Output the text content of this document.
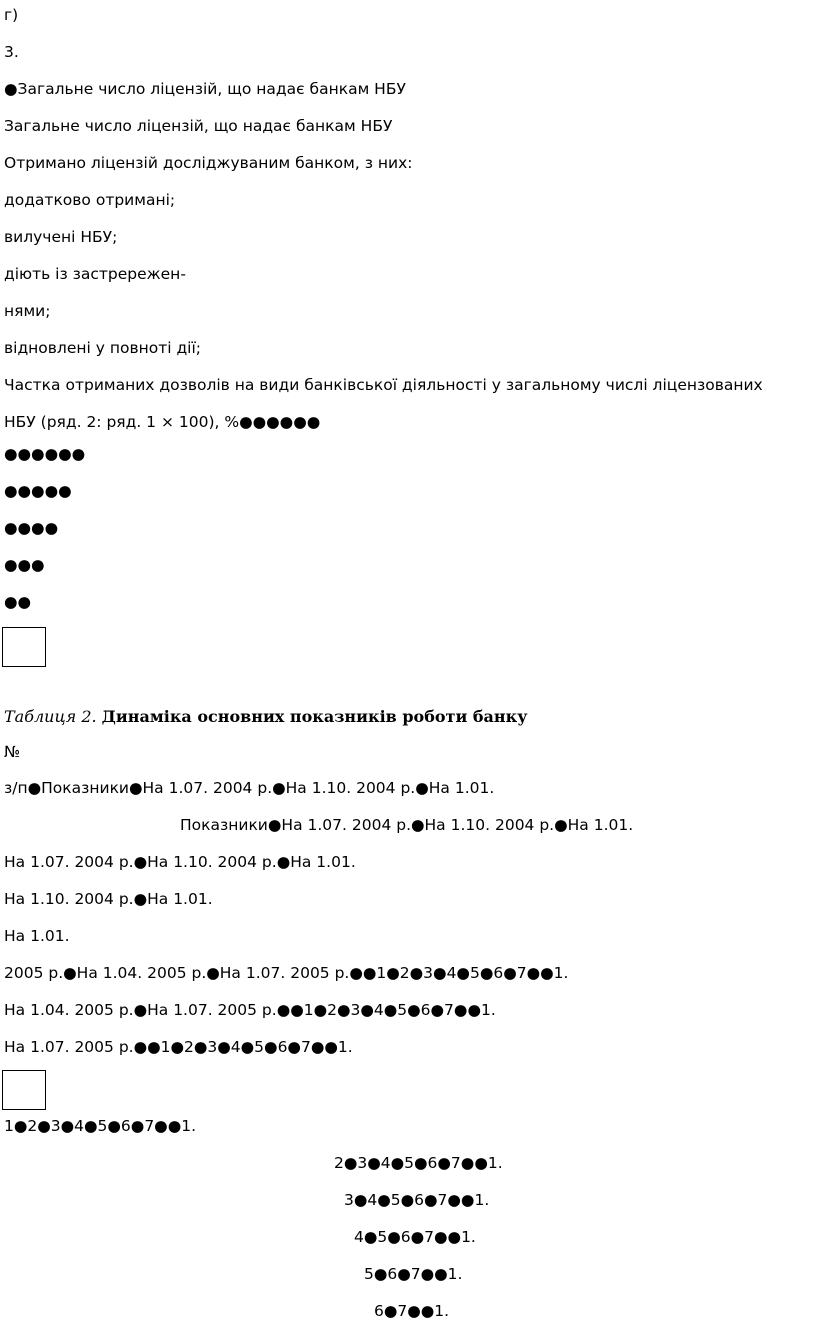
г)
3.
●Загальне число ліцензій, що надає банкам НБУ
Загальне число ліцензій, що надає банкам НБУ
Отримано ліцензій досліджуваним банком, з них:
додатково отримані;
вилучені НБУ;
діють із застрережен-
нями;
відновлені у повноті дії;
Частка отриманих дозволів на види банківської діяльності у загальному числі ліцензованих
НБУ (ряд. 2: ряд. 1 × 100), %●●●●●●
●●●●●●
●●●●●
●●●●
●●●
●●
Таблиця 2. Динаміка основних показників роботи банку
№
з/п●Показники●На 1.07. 2004 р.●На 1.10. 2004 р.●На 1.01.
Показники●На 1.07. 2004 р.●На 1.10. 2004 р.●На 1.01.
На 1.07. 2004 р.●На 1.10. 2004 р.●На 1.01.
На 1.10. 2004 р.●На 1.01.
На 1.01.
2005 р.●На 1.04. 2005 р.●На 1.07. 2005 р.●●1●2●3●4●5●6●7●●1.
На 1.04. 2005 р.●На 1.07. 2005 р.●●1●2●3●4●5●6●7●●1.
На 1.07. 2005 р.●●1●2●3●4●5●6●7●●1.
1●2●3●4●5●6●7●●1.
2●3●4●5●6●7●●1.
3●4●5●6●7●●1.
4●5●6●7●●1.
5●6●7●●1.
6●7●●1.
